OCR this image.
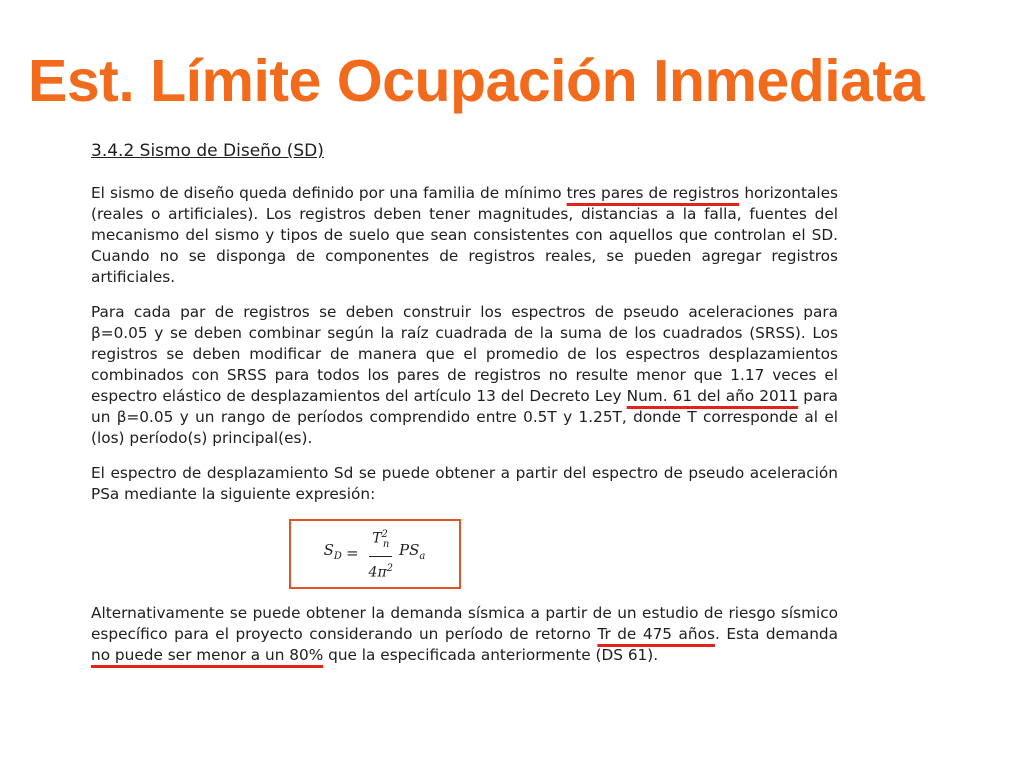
Est. Límite Ocupación Inmediata
3.4.2 Sismo de Diseño (SD)

El sismo de diseño queda definido por una familia de mínimo tres pares de registros horizontales (reales o artificiales). Los registros deben tener magnitudes, distancias a la falla, fuentes del mecanismo del sismo y tipos de suelo que sean consistentes con aquellos que controlan el SD. Cuando no se disponga de componentes de registros reales, se pueden agregar registros artificiales.

Para cada par de registros se deben construir los espectros de pseudo aceleraciones para β=0.05 y se deben combinar según la raíz cuadrada de la suma de los cuadrados (SRSS). Los registros se deben modificar de manera que el promedio de los espectros desplazamientos combinados con SRSS para todos los pares de registros no resulte menor que 1.17 veces el espectro elástico de desplazamientos del artículo 13 del Decreto Ley Num. 61 del año 2011 para un β=0.05 y un rango de períodos comprendido entre 0.5T y 1.25T, donde T corresponde al el (los) período(s) principal(es).

El espectro de desplazamiento Sd se puede obtener a partir del espectro de pseudo aceleración PSa mediante la siguiente expresión:

$S_D = \frac{T^2_n}{4\pi^2} PS_a$

Alternativamente se puede obtener la demanda sísmica a partir de un estudio de riesgo sísmico específico para el proyecto considerando un período de retorno Tr de 475 años. Esta demanda no puede ser menor a un 80% que la especificada anteriormente (DS 61).
